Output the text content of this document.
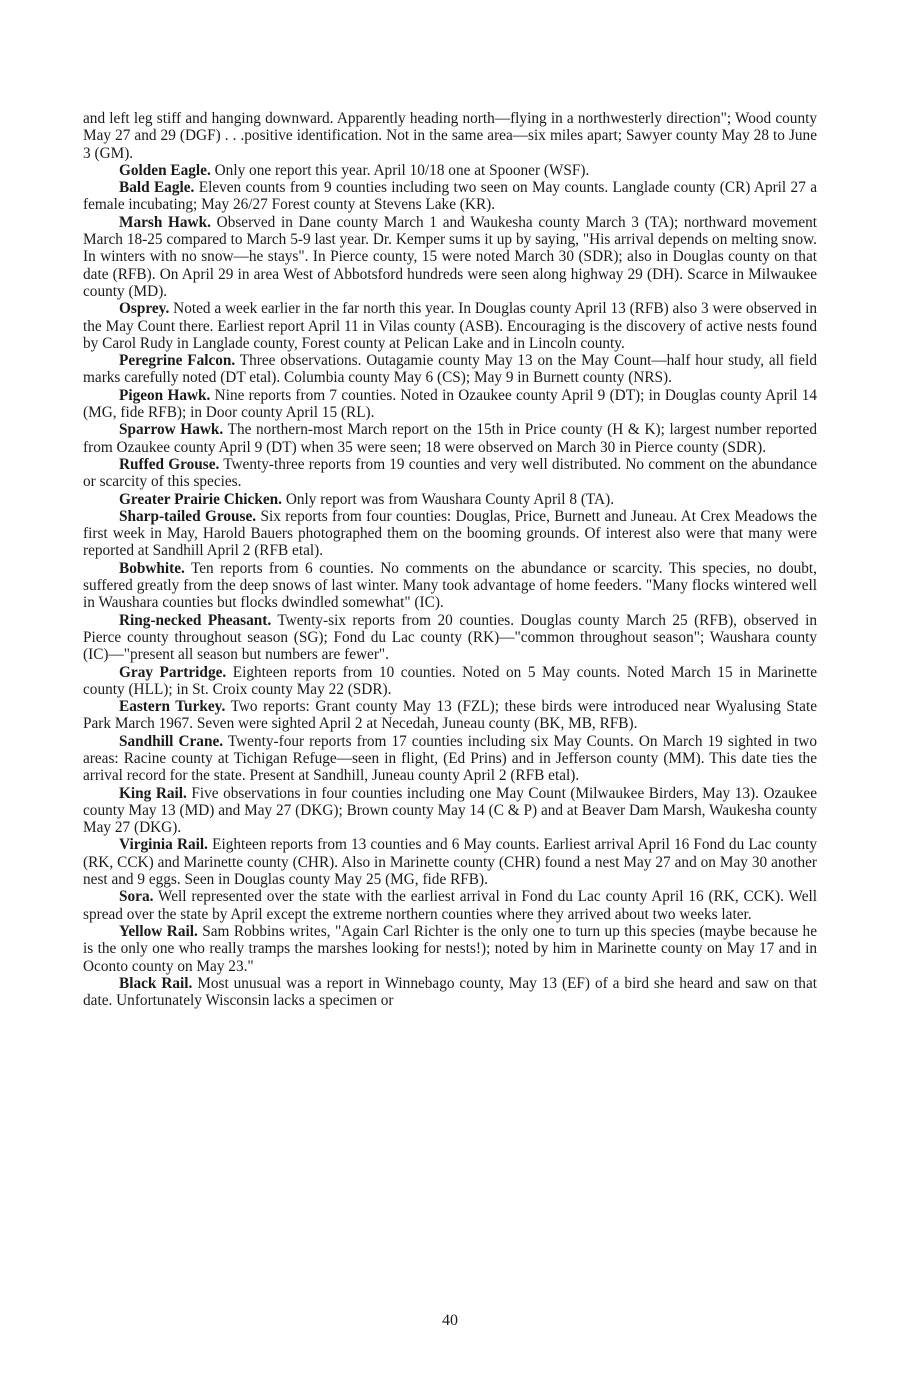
and left leg stiff and hanging downward. Apparently heading north—flying in a northwesterly direction"; Wood county May 27 and 29 (DGF) . . .positive identification. Not in the same area—six miles apart; Sawyer county May 28 to June 3 (GM).

Golden Eagle. Only one report this year. April 10/18 one at Spooner (WSF).

Bald Eagle. Eleven counts from 9 counties including two seen on May counts. Langlade county (CR) April 27 a female incubating; May 26/27 Forest county at Stevens Lake (KR).

Marsh Hawk. Observed in Dane county March 1 and Waukesha county March 3 (TA); northward movement March 18-25 compared to March 5-9 last year. Dr. Kemper sums it up by saying, "His arrival depends on melting snow. In winters with no snow—he stays". In Pierce county, 15 were noted March 30 (SDR); also in Douglas county on that date (RFB). On April 29 in area West of Abbotsford hundreds were seen along highway 29 (DH). Scarce in Milwaukee county (MD).

Osprey. Noted a week earlier in the far north this year. In Douglas county April 13 (RFB) also 3 were observed in the May Count there. Earliest report April 11 in Vilas county (ASB). Encouraging is the discovery of active nests found by Carol Rudy in Langlade county, Forest county at Pelican Lake and in Lincoln county.

Peregrine Falcon. Three observations. Outagamie county May 13 on the May Count—half hour study, all field marks carefully noted (DT etal). Columbia county May 6 (CS); May 9 in Burnett county (NRS).

Pigeon Hawk. Nine reports from 7 counties. Noted in Ozaukee county April 9 (DT); in Douglas county April 14 (MG, fide RFB); in Door county April 15 (RL).

Sparrow Hawk. The northern-most March report on the 15th in Price county (H & K); largest number reported from Ozaukee county April 9 (DT) when 35 were seen; 18 were observed on March 30 in Pierce county (SDR).

Ruffed Grouse. Twenty-three reports from 19 counties and very well distributed. No comment on the abundance or scarcity of this species.

Greater Prairie Chicken. Only report was from Waushara County April 8 (TA).

Sharp-tailed Grouse. Six reports from four counties: Douglas, Price, Burnett and Juneau. At Crex Meadows the first week in May, Harold Bauers photographed them on the booming grounds. Of interest also were that many were reported at Sandhill April 2 (RFB etal).

Bobwhite. Ten reports from 6 counties. No comments on the abundance or scarcity. This species, no doubt, suffered greatly from the deep snows of last winter. Many took advantage of home feeders. "Many flocks wintered well in Waushara counties but flocks dwindled somewhat" (IC).

Ring-necked Pheasant. Twenty-six reports from 20 counties. Douglas county March 25 (RFB), observed in Pierce county throughout season (SG); Fond du Lac county (RK)—"common throughout season"; Waushara county (IC)—"present all season but numbers are fewer".

Gray Partridge. Eighteen reports from 10 counties. Noted on 5 May counts. Noted March 15 in Marinette county (HLL); in St. Croix county May 22 (SDR).

Eastern Turkey. Two reports: Grant county May 13 (FZL); these birds were introduced near Wyalusing State Park March 1967. Seven were sighted April 2 at Necedah, Juneau county (BK, MB, RFB).

Sandhill Crane. Twenty-four reports from 17 counties including six May Counts. On March 19 sighted in two areas: Racine county at Tichigan Refuge—seen in flight, (Ed Prins) and in Jefferson county (MM). This date ties the arrival record for the state. Present at Sandhill, Juneau county April 2 (RFB etal).

King Rail. Five observations in four counties including one May Count (Milwaukee Birders, May 13). Ozaukee county May 13 (MD) and May 27 (DKG); Brown county May 14 (C & P) and at Beaver Dam Marsh, Waukesha county May 27 (DKG).

Virginia Rail. Eighteen reports from 13 counties and 6 May counts. Earliest arrival April 16 Fond du Lac county (RK, CCK) and Marinette county (CHR). Also in Marinette county (CHR) found a nest May 27 and on May 30 another nest and 9 eggs. Seen in Douglas county May 25 (MG, fide RFB).

Sora. Well represented over the state with the earliest arrival in Fond du Lac county April 16 (RK, CCK). Well spread over the state by April except the extreme northern counties where they arrived about two weeks later.

Yellow Rail. Sam Robbins writes, "Again Carl Richter is the only one to turn up this species (maybe because he is the only one who really tramps the marshes looking for nests!); noted by him in Marinette county on May 17 and in Oconto county on May 23."

Black Rail. Most unusual was a report in Winnebago county, May 13 (EF) of a bird she heard and saw on that date. Unfortunately Wisconsin lacks a specimen or

40
